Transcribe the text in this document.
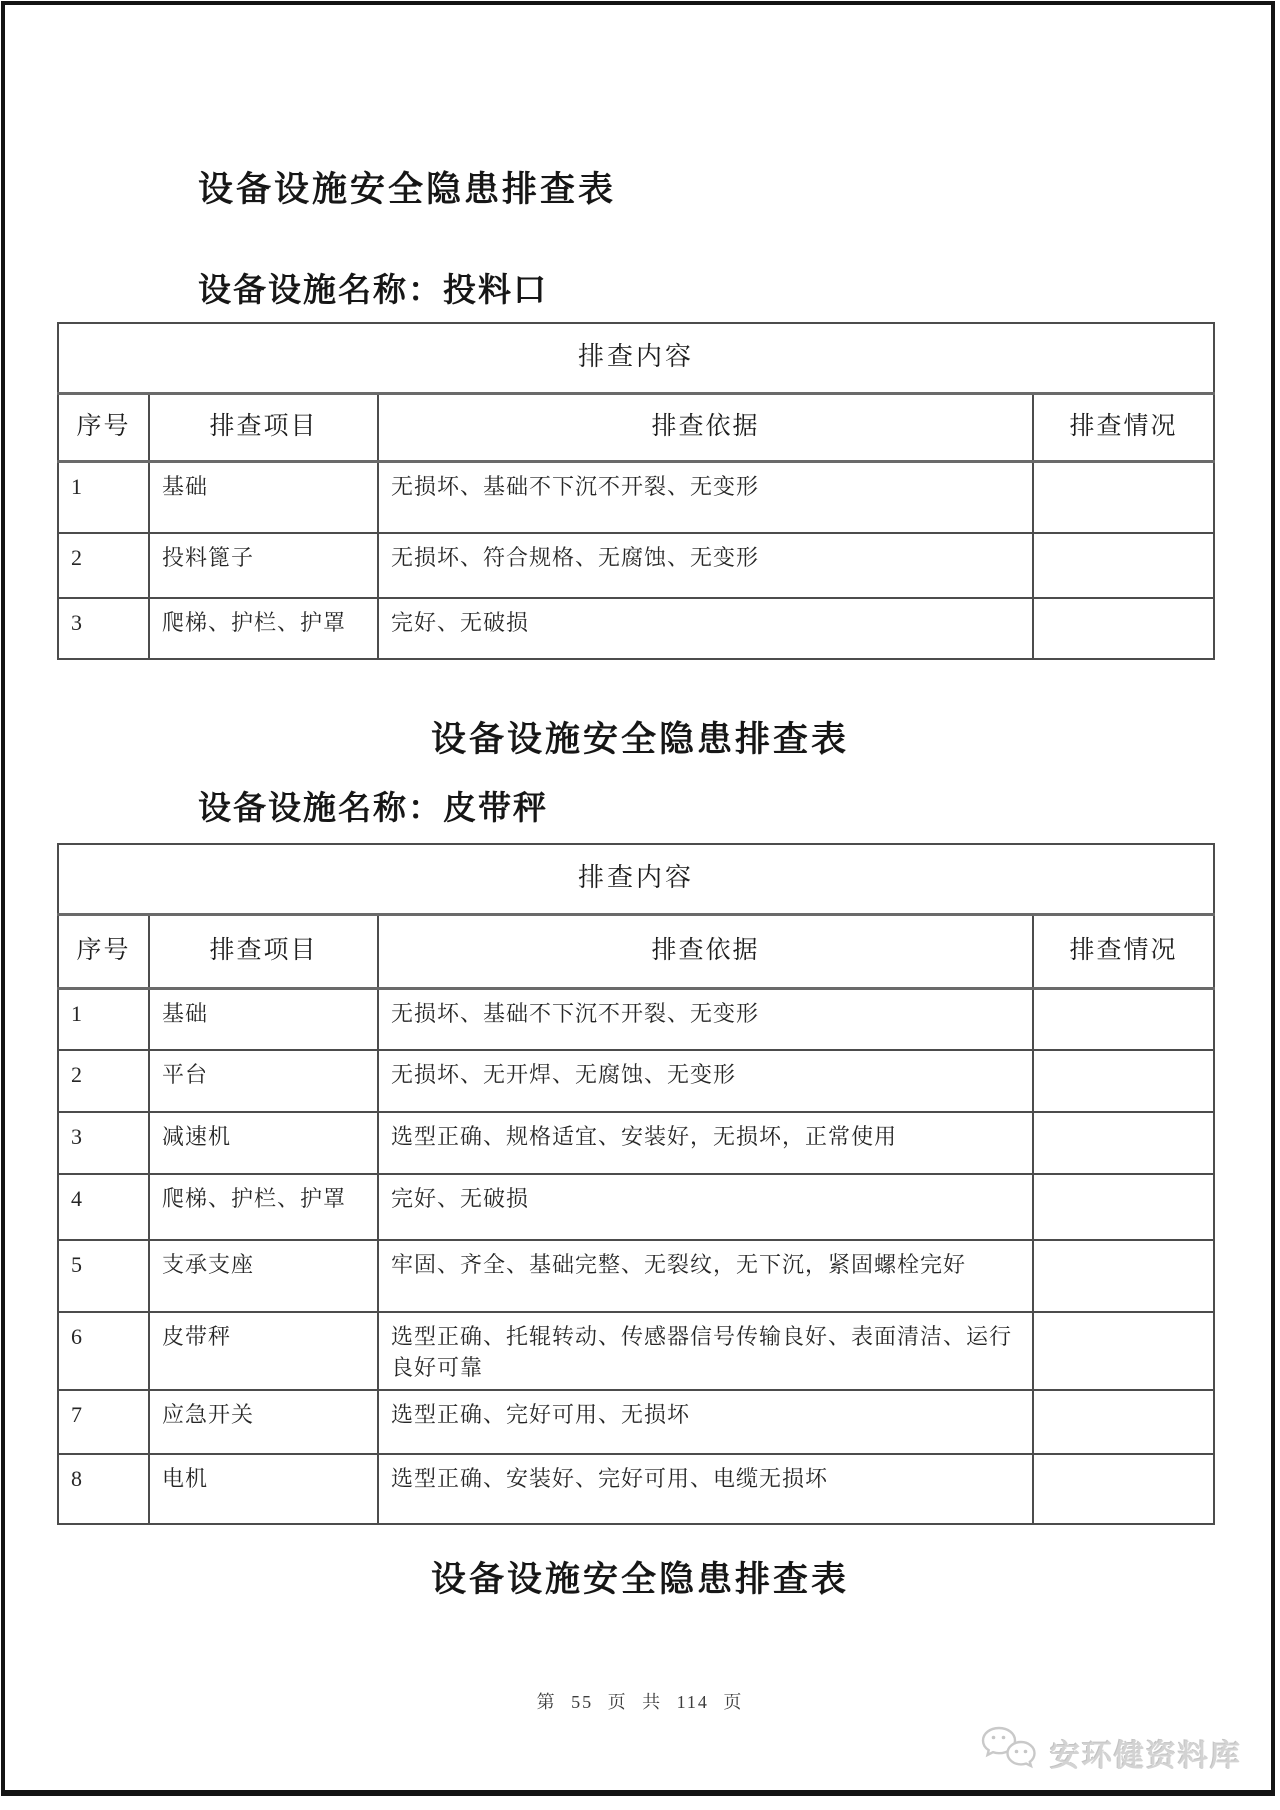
设备设施安全隐患排查表
设备设施名称：投料口
排查内容			
序号	排查项目	排查依据	排查情况
1	基础	无损坏、基础不下沉不开裂、无变形	
2	投料篦子	无损坏、符合规格、无腐蚀、无变形	
3	爬梯、护栏、护罩	完好、无破损	
设备设施安全隐患排查表
设备设施名称：皮带秤
排查内容			
序号	排查项目	排查依据	排查情况
1	基础	无损坏、基础不下沉不开裂、无变形	
2	平台	无损坏、无开焊、无腐蚀、无变形	
3	减速机	选型正确、规格适宜、安装好，无损坏，正常使用	
4	爬梯、护栏、护罩	完好、无破损	
5	支承支座	牢固、齐全、基础完整、无裂纹，无下沉，紧固螺栓完好	
6	皮带秤	选型正确、托辊转动、传感器信号传输良好、表面清洁、运行良好可靠	
7	应急开关	选型正确、完好可用、无损坏	
8	电机	选型正确、安装好、完好可用、电缆无损坏	
设备设施安全隐患排查表
第 55 页 共 114 页
安环健资料库
